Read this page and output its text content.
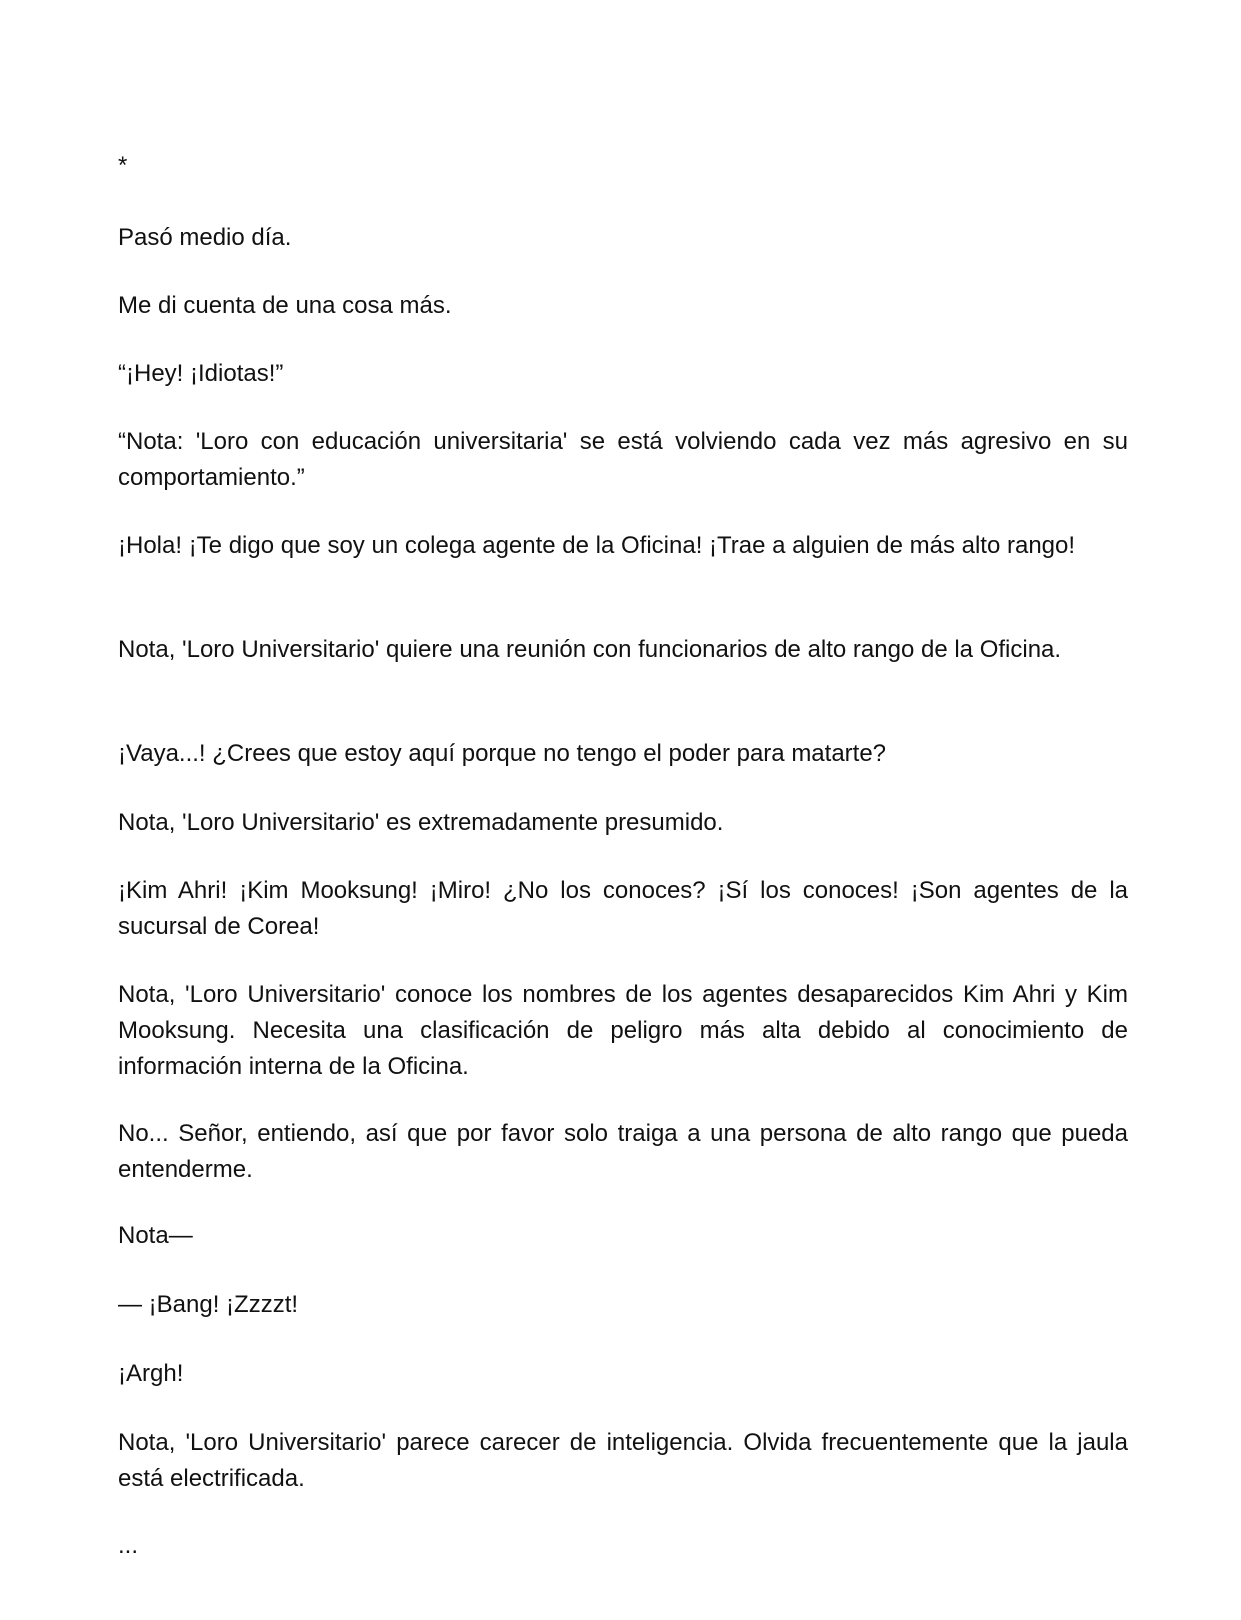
*

Pasó medio día.

Me di cuenta de una cosa más.

“¡Hey! ¡Idiotas!”

“Nota: 'Loro con educación universitaria' se está volviendo cada vez más agresivo en su comportamiento.”

¡Hola! ¡Te digo que soy un colega agente de la Oficina! ¡Trae a alguien de más alto rango!

Nota, 'Loro Universitario' quiere una reunión con funcionarios de alto rango de la Oficina.

¡Vaya...! ¿Crees que estoy aquí porque no tengo el poder para matarte?

Nota, 'Loro Universitario' es extremadamente presumido.

¡Kim Ahri! ¡Kim Mooksung! ¡Miro! ¿No los conoces? ¡Sí los conoces! ¡Son agentes de la sucursal de Corea!

Nota, 'Loro Universitario' conoce los nombres de los agentes desaparecidos Kim Ahri y Kim Mooksung. Necesita una clasificación de peligro más alta debido al conocimiento de información interna de la Oficina.

No... Señor, entiendo, así que por favor solo traiga a una persona de alto rango que pueda entenderme.

Nota—

— ¡Bang! ¡Zzzzt!

¡Argh!

Nota, 'Loro Universitario' parece carecer de inteligencia. Olvida frecuentemente que la jaula está electrificada.

...
